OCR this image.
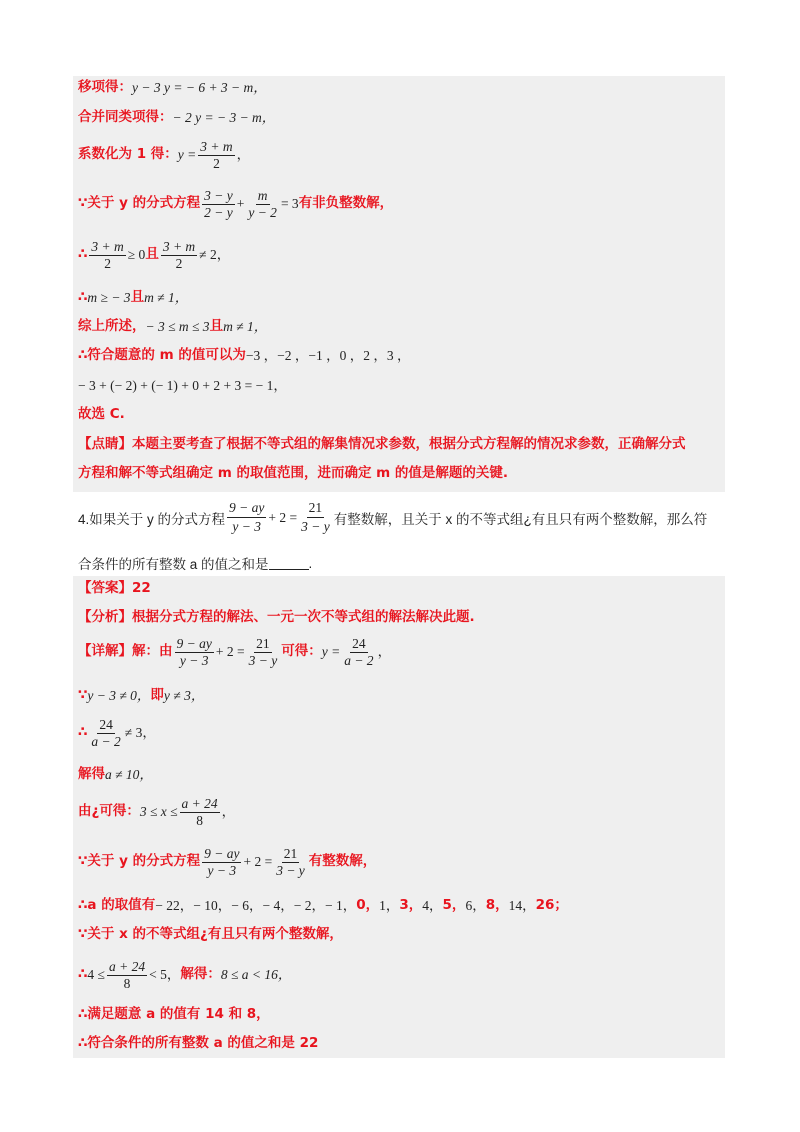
移项得： y − 3 y = − 6 + 3 − m，
合并同类项得： − 2 y = − 3 − m，
系数化为 1 得： $y = \frac{3 + m}{2}$ ，
∵关于 y 的分式方程 $\frac{3 - y}{2 - y} + \frac{m}{y - 2} = 3$ 有非负整数解，
∴ $\frac{3 + m}{2} \ge 0$ 且 $\frac{3 + m}{2} \ne 2$，
∴ m ≥ − 3 且 m ≠ 1，
综上所述， − 3 ≤ m ≤ 3 且 m ≠ 1，
∴符合题意的 m 的值可以为 −3 ，−2 ，−1 ，0 ，2 ，3 ，
− 3 + (− 2) + (− 1) + 0 + 2 + 3 = − 1，
故选 C.
【点睛】本题主要考查了根据不等式组的解集情况求参数，根据分式方程解的情况求参数，正确解分式
方程和解不等式组确定 m 的取值范围，进而确定 m 的值是解题的关键.
4.如果关于 y 的分式方程 $\frac{9 - ay}{y - 3} + 2 = \frac{21}{3 - y}$ 有整数解，且关于 x 的不等式组¿有且只有两个整数解，那么符
合条件的所有整数 a 的值之和是	.
【答案】22
【分析】根据分式方程的解法、一元一次不等式组的解法解决此题.
【详解】解：由 $\frac{9 - ay}{y - 3} + 2 = \frac{21}{3 - y}$ 可得： $y = \frac{24}{a - 2}$ ，
∵ y − 3 ≠ 0， 即 y ≠ 3，
∴ $\frac{24}{a - 2} \ne 3$，
解得 a ≠ 10，
由¿可得： $3 \le x \le \frac{a + 24}{8}$ ，
∵关于 y 的分式方程 $\frac{9 - ay}{y - 3} + 2 = \frac{21}{3 - y}$ 有整数解，
∴ a 的取值有 − 22， − 10， − 6， − 4， − 2， − 1， 0， 1， 3， 4， 5， 6， 8， 14， 26；
∵关于 x 的不等式组¿有且只有两个整数解，
∴ $4 \le \frac{a + 24}{8} < 5$， 解得： 8 ≤ a < 16，
∴满足题意 a 的值有 14 和 8，
∴符合条件的所有整数 a 的值之和是 22
